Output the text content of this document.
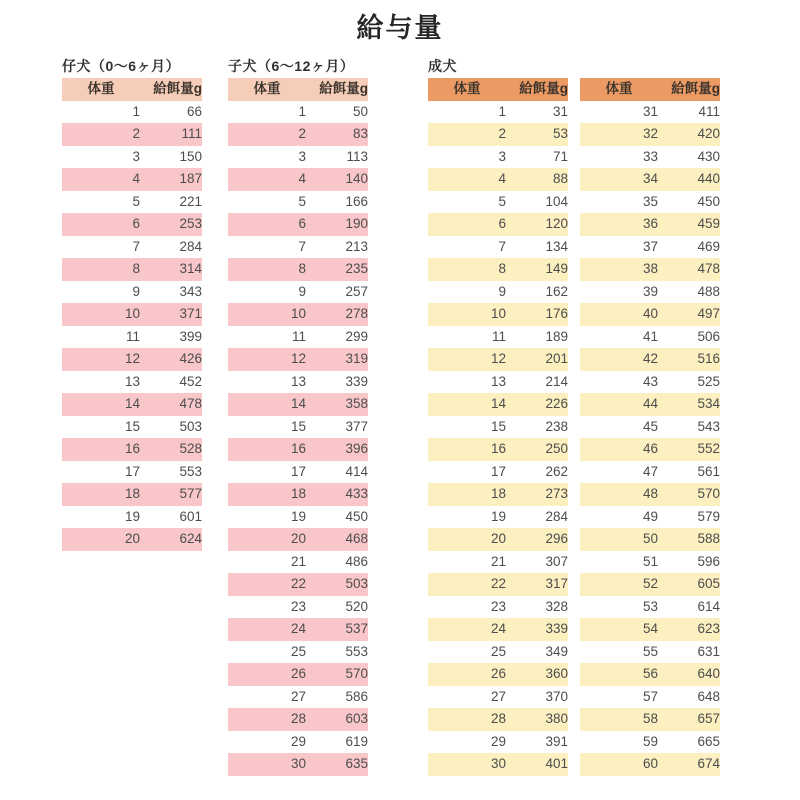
給与量
仔犬（0〜6ヶ月）	子犬（6〜12ヶ月）	成犬
体重	給餌量g
1	66
2	111
3	150
4	187
5	221
6	253
7	284
8	314
9	343
10	371
11	399
12	426
13	452
14	478
15	503
16	528
17	553
18	577
19	601
20	624
体重	給餌量g
1	50
2	83
3	113
4	140
5	166
6	190
7	213
8	235
9	257
10	278
11	299
12	319
13	339
14	358
15	377
16	396
17	414
18	433
19	450
20	468
21	486
22	503
23	520
24	537
25	553
26	570
27	586
28	603
29	619
30	635
体重	給餌量g
1	31
2	53
3	71
4	88
5	104
6	120
7	134
8	149
9	162
10	176
11	189
12	201
13	214
14	226
15	238
16	250
17	262
18	273
19	284
20	296
21	307
22	317
23	328
24	339
25	349
26	360
27	370
28	380
29	391
30	401
体重	給餌量g
31	411
32	420
33	430
34	440
35	450
36	459
37	469
38	478
39	488
40	497
41	506
42	516
43	525
44	534
45	543
46	552
47	561
48	570
49	579
50	588
51	596
52	605
53	614
54	623
55	631
56	640
57	648
58	657
59	665
60	674
